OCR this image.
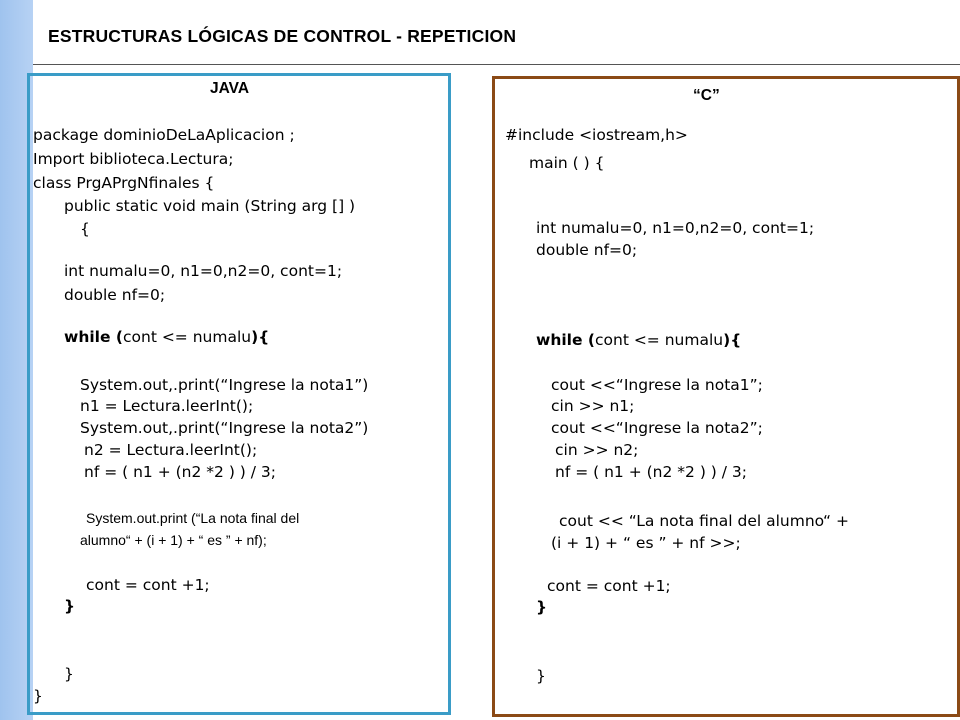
ESTRUCTURAS LÓGICAS DE CONTROL - REPETICION
JAVA
package dominioDeLaAplicacion ;
Import biblioteca.Lectura;
class PrgAPrgNfinales {
public static void main (String arg [] )
{
int numalu=0, n1=0,n2=0, cont=1;
double nf=0;
while (cont <= numalu){
System.out,.print(“Ingrese la nota1”)
n1 = Lectura.leerInt();
System.out,.print(“Ingrese la nota2”)
n2 = Lectura.leerInt();
nf = ( n1 + (n2 *2 ) ) / 3;
System.out.print (“La nota final del
alumno“ + (i + 1) + “ es ” + nf);
cont = cont +1;
}
}
}
“C”
#include <iostream,h>
main ( ) {
int numalu=0, n1=0,n2=0, cont=1;
double nf=0;
while (cont <= numalu){
cout <<“Ingrese la nota1”;
cin >> n1;
cout <<“Ingrese la nota2”;
cin >> n2;
nf = ( n1 + (n2 *2 ) ) / 3;
cout << “La nota final del alumno“ +
(i + 1) + “ es ” + nf >>;
cont = cont +1;
}
}
